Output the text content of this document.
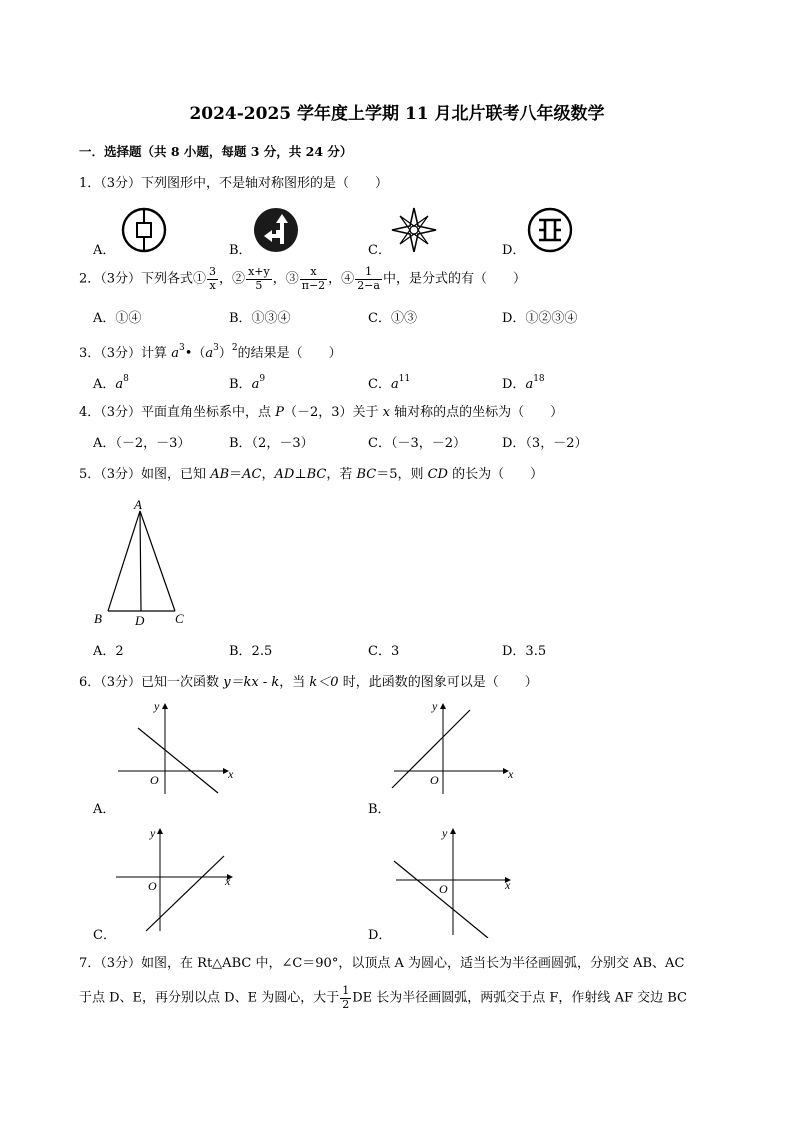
2024-2025 学年度上学期 11 月北片联考八年级数学
一．选择题（共 8 小题，每题 3 分，共 24 分）
1．（3分）下列图形中，不是轴对称图形的是（　　）
A．	B．	C．	D．
2．（3分）下列各式① $\frac{3}{x}$ ，② $\frac{x+y}{5}$ ，③ $\frac{x}{\pi-2}$ ，④ $\frac{1}{2-a}$ 中，是分式的有（　　）
A．①④	B．①③④	C．①③	D．①②③④
3．（3分）计算 $a^3•(a^3)^2$的结果是（　　）
A．$a^8$	B．$a^9$	C．$a^{11}$	D．$a^{18}$
4．（3分）平面直角坐标系中，点 P（－2，3）关于 x 轴对称的点的坐标为（　　）
A．（－2，－3）	B．（2，－3）	C．（－3，－2）	D．（3，－2）
5．（3分）如图，已知 AB＝AC，AD⊥BC，若 BC＝5，则 CD 的长为（　　）
A
B	D C
A．2	B．2.5	C．3	D．3.5
6．（3分）已知一次函数 y＝kx - k，当 k＜0 时，此函数的图象可以是（　　）
x
y
O
A．
x
y
O
B．
x
y
O
C．
x
y
O
D．
7．（3分）如图，在 Rt△ABC 中，∠C＝90°，以顶点 A 为圆心，适当长为半径画圆弧，分别交 AB、AC
于点 D、E，再分别以点 D、E 为圆心，大于 $\frac{1}{2}$ DE 长为半径画圆弧，两弧交于点 F，作射线 AF 交边 BC
